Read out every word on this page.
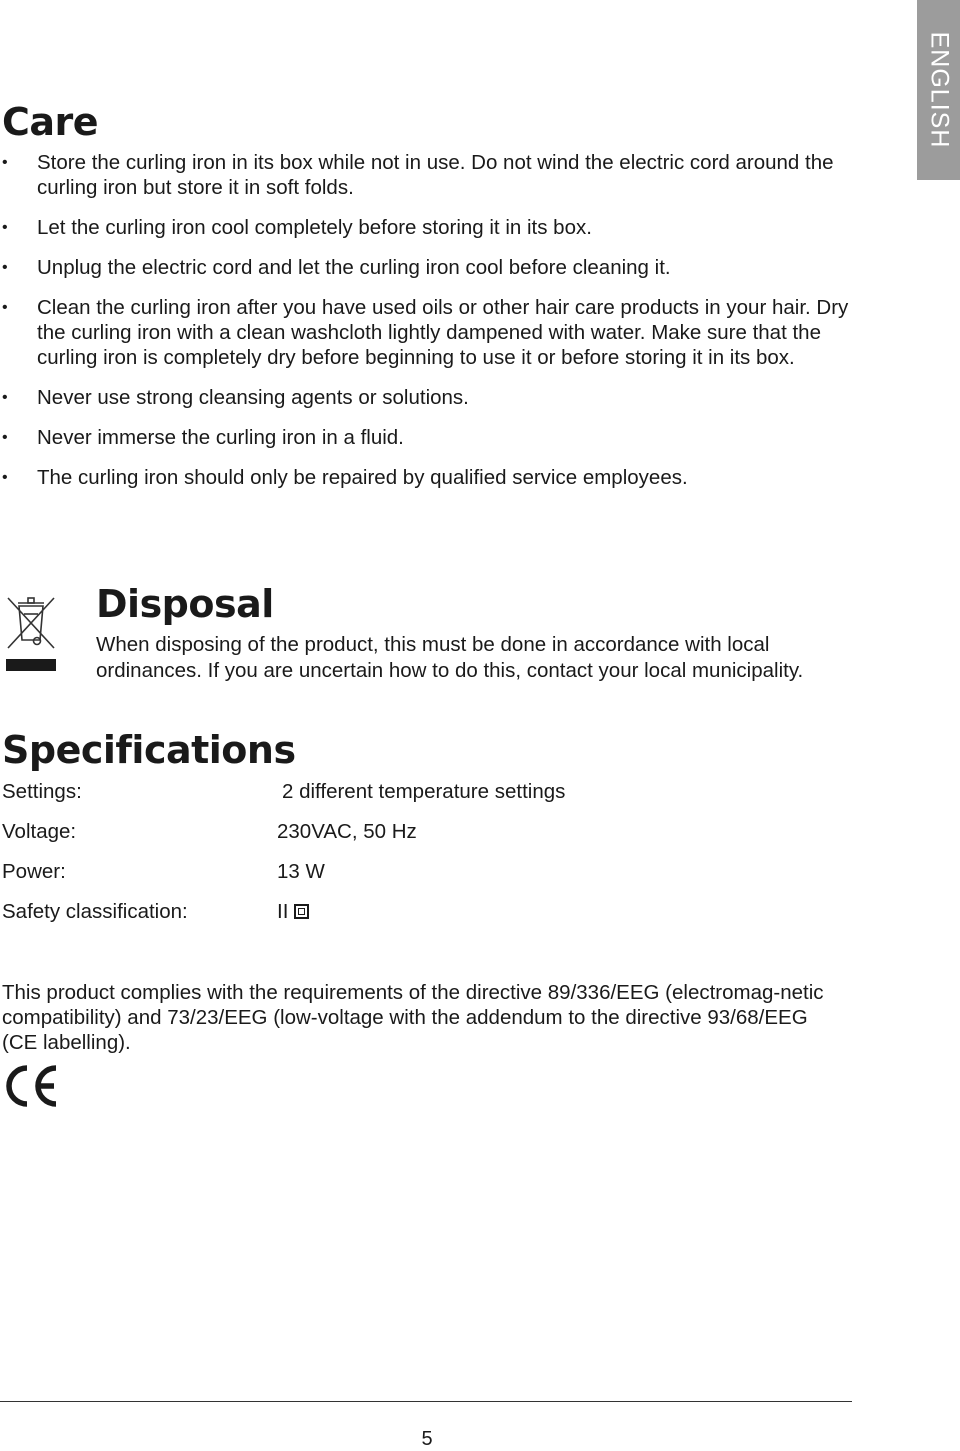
ENGLISH
Care
• Store the curling iron in its box while not in use. Do not wind the electric cord around the curling iron but store it in soft folds.
• Let the curling iron cool completely before storing it in its box.
• Unplug the electric cord and let the curling iron cool before cleaning it.
• Clean the curling iron after you have used oils or other hair care products in your hair. Dry the curling iron with a clean washcloth lightly dampened with water. Make sure that the curling iron is completely dry before beginning to use it or before storing it in its box.
• Never use strong cleansing agents or solutions.
• Never immerse the curling iron in a fluid.
• The curling iron should only be repaired by qualified service employees.
Disposal

When disposing of the product, this must be done in accordance with local ordinances. If you are uncertain how to do this, contact your local municipality.

Specifications
Settings:	2 different temperature settings
Voltage:	230VAC, 50 Hz
Power:	13 W
Safety classification:	II

This product complies with the requirements of the directive 89/336/EEG (electromag-netic compatibility) and 73/23/EEG (low-voltage with the addendum to the directive 93/68/EEG (CE labelling).

5
